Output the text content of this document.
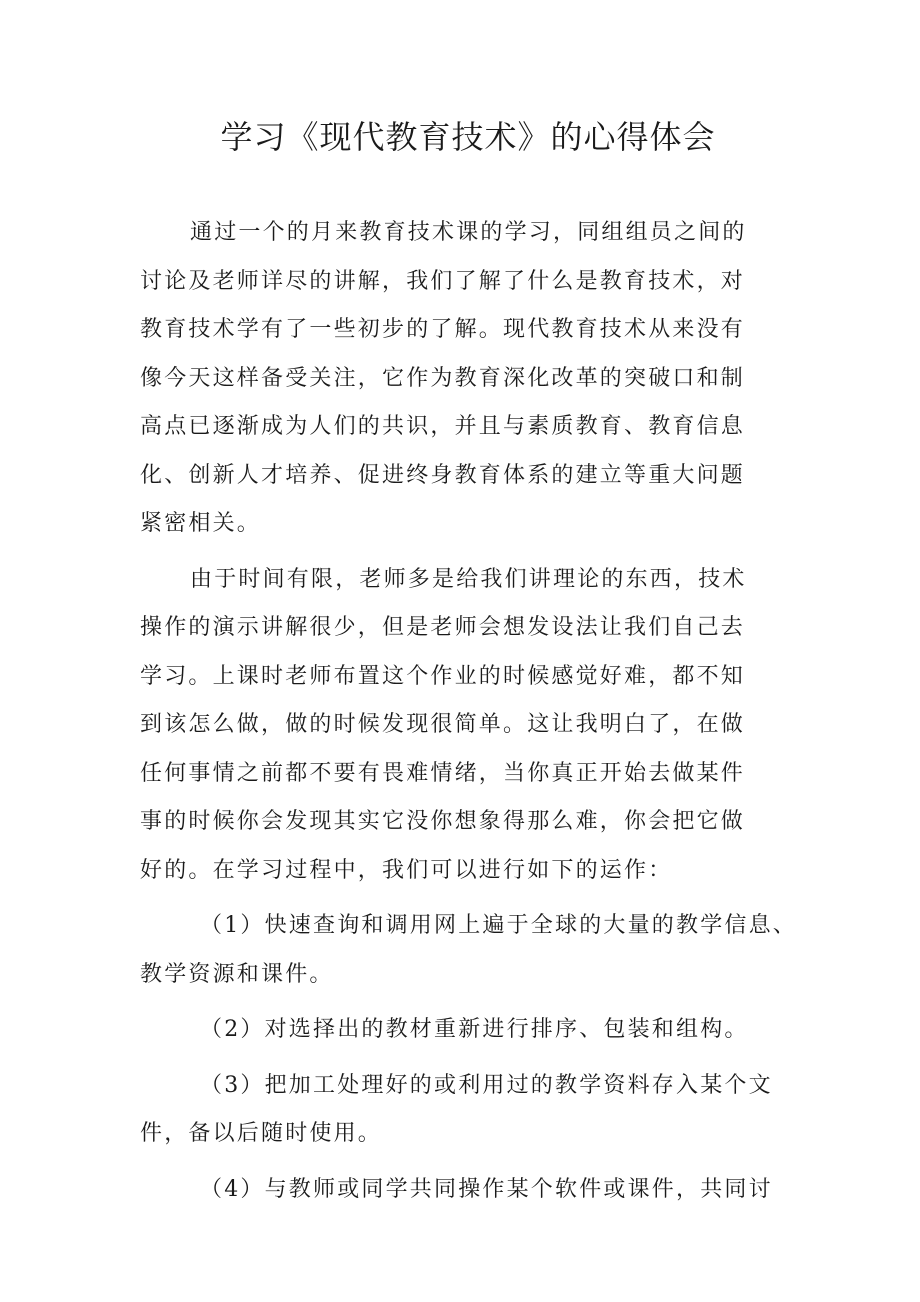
学习《现代教育技术》的心得体会
通过一个的月来教育技术课的学习，同组组员之间的
讨论及老师详尽的讲解，我们了解了什么是教育技术，对
教育技术学有了一些初步的了解。现代教育技术从来没有
像今天这样备受关注，它作为教育深化改革的突破口和制
高点已逐渐成为人们的共识，并且与素质教育、教育信息
化、创新人才培养、促进终身教育体系的建立等重大问题
紧密相关。
由于时间有限，老师多是给我们讲理论的东西，技术
操作的演示讲解很少，但是老师会想发设法让我们自己去
学习。上课时老师布置这个作业的时候感觉好难，都不知
到该怎么做，做的时候发现很简单。这让我明白了，在做
任何事情之前都不要有畏难情绪，当你真正开始去做某件
事的时候你会发现其实它没你想象得那么难，你会把它做
好的。在学习过程中，我们可以进行如下的运作：
（1）快速查询和调用网上遍于全球的大量的教学信息、
教学资源和课件。
（2）对选择出的教材重新进行排序、包装和组构。
（3）把加工处理好的或利用过的教学资料存入某个文
件，备以后随时使用。
（4）与教师或同学共同操作某个软件或课件，共同讨
